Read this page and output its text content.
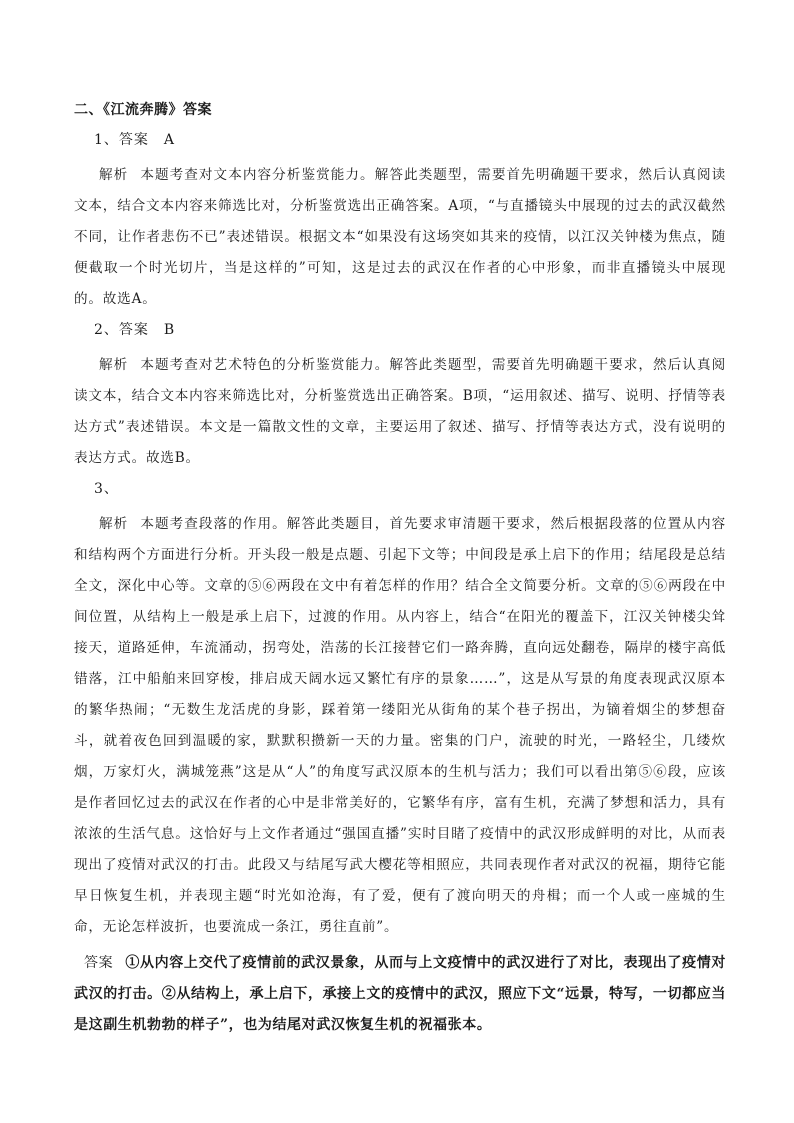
二、《江流奔腾》答案
1、答案　A

解析 本题考查对文本内容分析鉴赏能力。解答此类题型，需要首先明确题干要求，然后认真阅读文本，结合文本内容来筛选比对，分析鉴赏选出正确答案。A项，“与直播镜头中展现的过去的武汉截然不同，让作者悲伤不已”表述错误。根据文本“如果没有这场突如其来的疫情，以江汉关钟楼为焦点，随便截取一个时光切片，当是这样的”可知，这是过去的武汉在作者的心中形象，而非直播镜头中展现的。故选A。

2、答案　B

解析 本题考查对艺术特色的分析鉴赏能力。解答此类题型，需要首先明确题干要求，然后认真阅读文本，结合文本内容来筛选比对，分析鉴赏选出正确答案。B项，“运用叙述、描写、说明、抒情等表达方式”表述错误。本文是一篇散文性的文章，主要运用了叙述、描写、抒情等表达方式，没有说明的表达方式。故选B。

3、

解析 本题考查段落的作用。解答此类题目，首先要求审清题干要求，然后根据段落的位置从内容和结构两个方面进行分析。开头段一般是点题、引起下文等；中间段是承上启下的作用；结尾段是总结全文，深化中心等。文章的⑤⑥两段在文中有着怎样的作用？结合全文简要分析。文章的⑤⑥两段在中间位置，从结构上一般是承上启下，过渡的作用。从内容上，结合“在阳光的覆盖下，江汉关钟楼尖耸接天，道路延伸，车流涌动，拐弯处，浩荡的长江接替它们一路奔腾，直向远处翻卷，隔岸的楼宇高低错落，江中船舶来回穿梭，排启成天阔水远又繁忙有序的景象……”，这是从写景的角度表现武汉原本的繁华热闹；“无数生龙活虎的身影，踩着第一缕阳光从街角的某个巷子拐出，为镝着烟尘的梦想奋斗，就着夜色回到温暖的家，默默积攒新一天的力量。密集的门户，流驶的时光，一路轻尘，几缕炊烟，万家灯火，满城笼燕”这是从“人”的角度写武汉原本的生机与活力；我们可以看出第⑤⑥段，应该是作者回忆过去的武汉在作者的心中是非常美好的，它繁华有序，富有生机，充满了梦想和活力，具有浓浓的生活气息。这恰好与上文作者通过“强国直播”实时目睹了疫情中的武汉形成鲜明的对比，从而表现出了疫情对武汉的打击。此段又与结尾写武大樱花等相照应，共同表现作者对武汉的祝福，期待它能早日恢复生机，并表现主题“时光如沧海，有了爱，便有了渡向明天的舟楫；而一个人或一座城的生命，无论怎样波折，也要流成一条江，勇往直前”。

答案 ①从内容上交代了疫情前的武汉景象，从而与上文疫情中的武汉进行了对比，表现出了疫情对武汉的打击。②从结构上，承上启下，承接上文的疫情中的武汉，照应下文“远景，特写，一切都应当是这副生机勃勃的样子”，也为结尾对武汉恢复生机的祝福张本。
